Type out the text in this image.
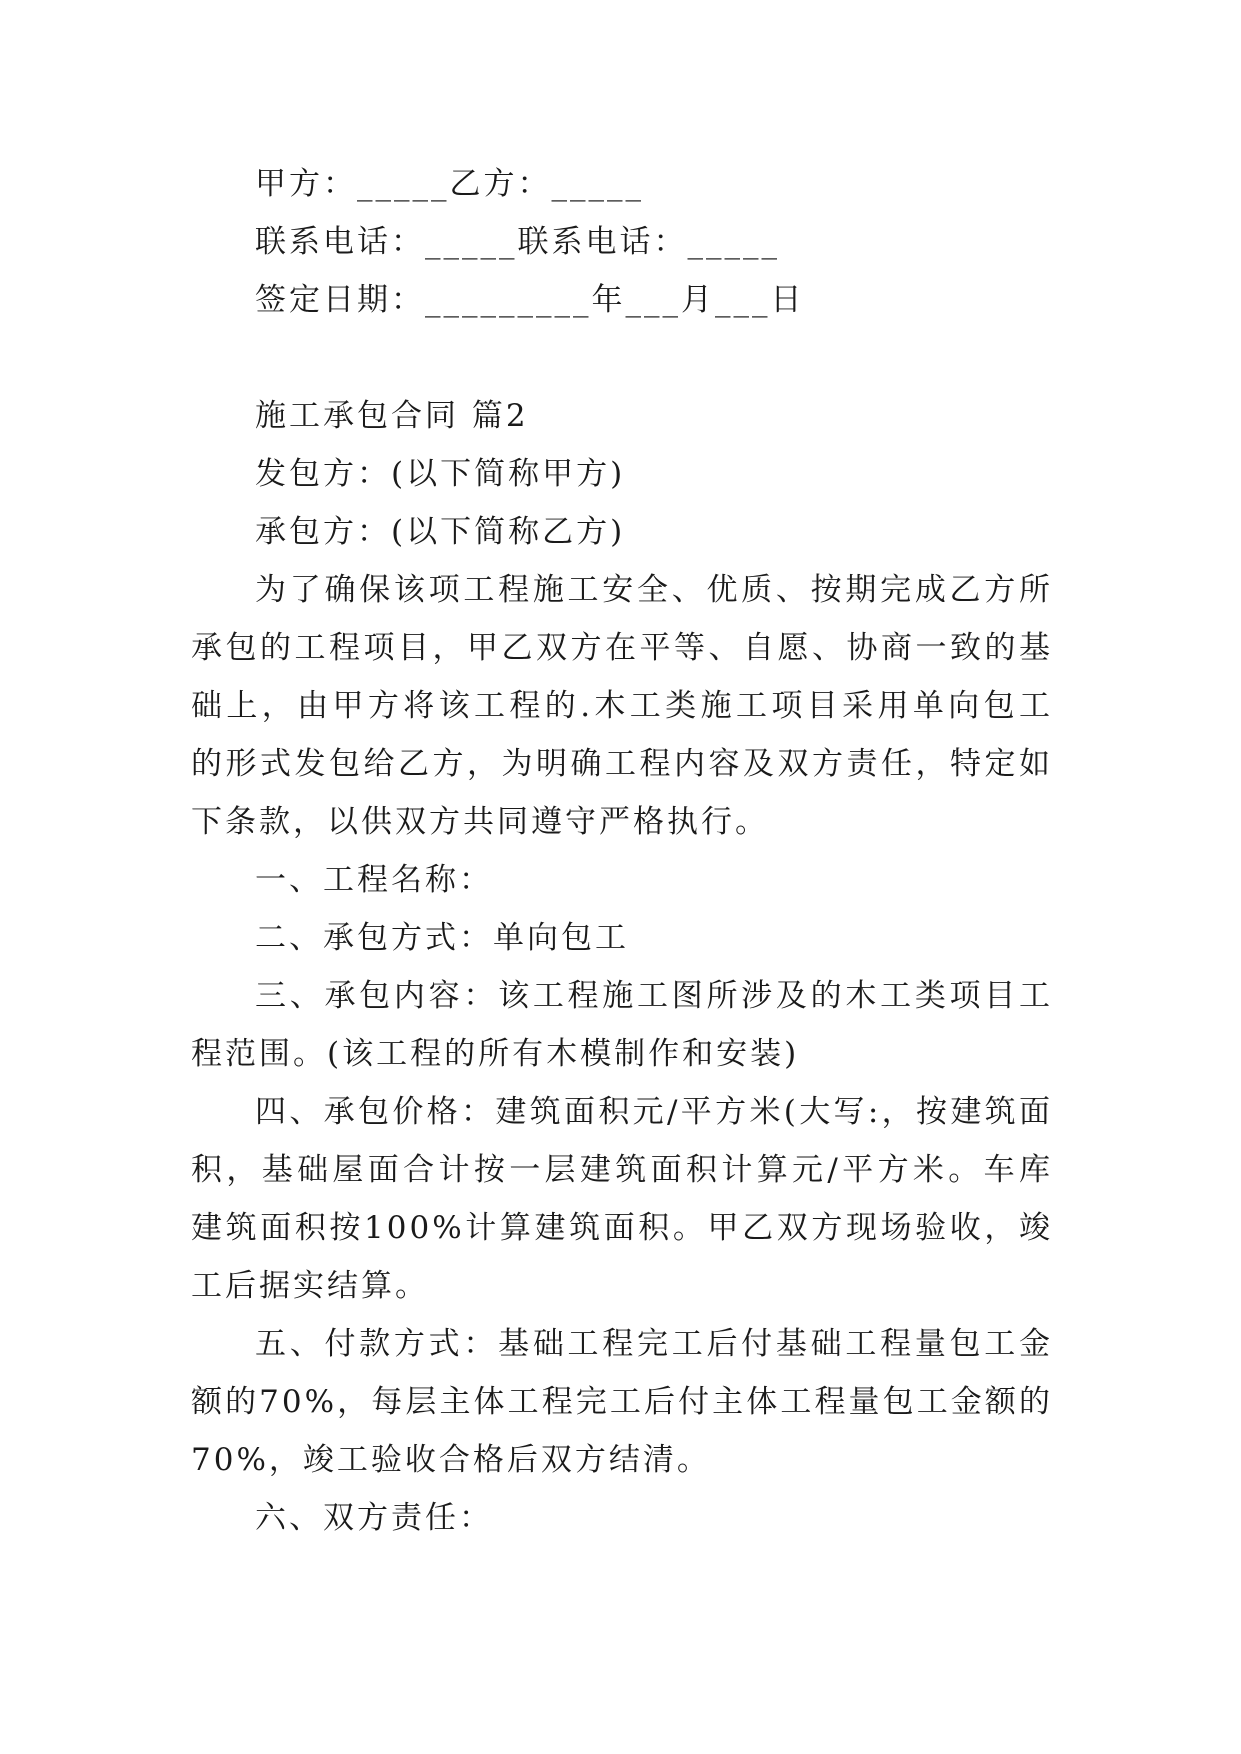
甲方：_____乙方：_____

联系电话：_____联系电话：_____

签定日期：_________年___月___日

施工承包合同 篇2

发包方：(以下简称甲方)

承包方：(以下简称乙方)

为了确保该项工程施工安全、优质、按期完成乙方所承包的工程项目，甲乙双方在平等、自愿、协商一致的基础上，由甲方将该工程的.木工类施工项目采用单向包工的形式发包给乙方，为明确工程内容及双方责任，特定如下条款，以供双方共同遵守严格执行。

一、工程名称：

二、承包方式：单向包工

三、承包内容：该工程施工图所涉及的木工类项目工程范围。(该工程的所有木模制作和安装)

四、承包价格：建筑面积元/平方米(大写:，按建筑面积，基础屋面合计按一层建筑面积计算元/平方米。车库建筑面积按100%计算建筑面积。甲乙双方现场验收，竣工后据实结算。

五、付款方式：基础工程完工后付基础工程量包工金额的70%，每层主体工程完工后付主体工程量包工金额的70%，竣工验收合格后双方结清。

六、双方责任：
